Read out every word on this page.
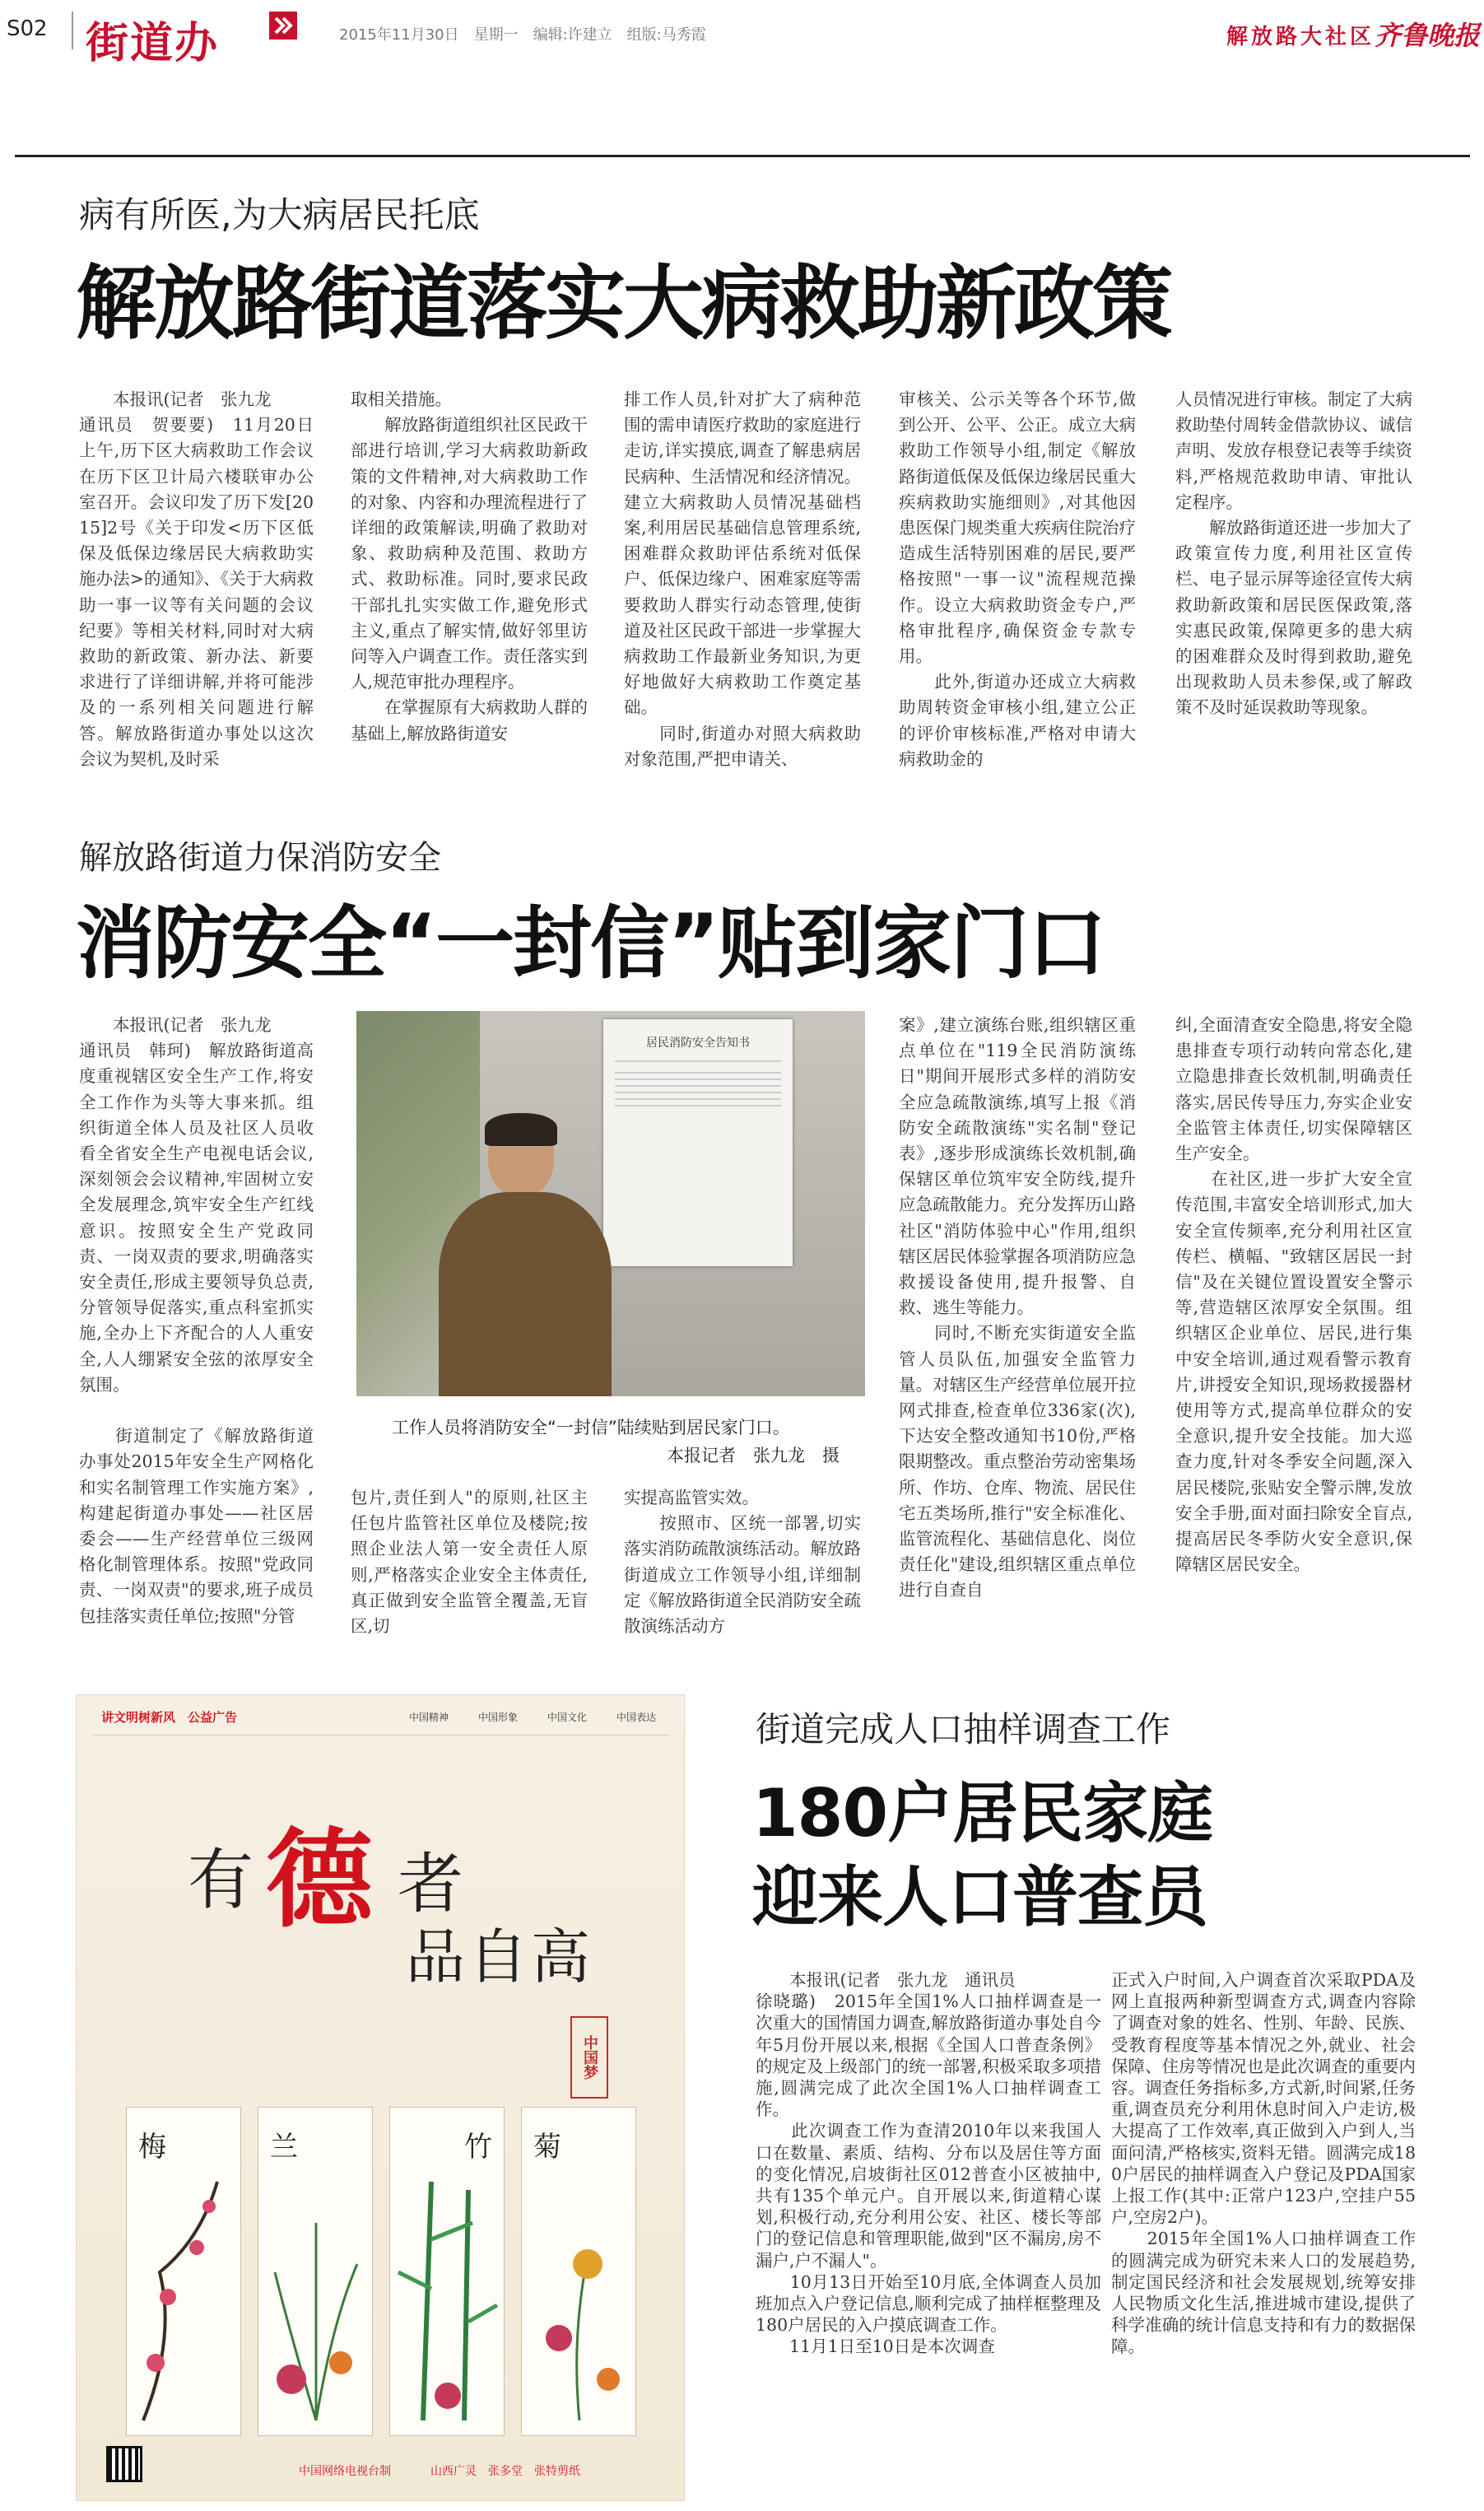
S02 街道办	2015年11月30日　星期一　编辑:许建立　组版:马秀霞	解放路大社区 齐鲁晚报
病有所医,为大病居民托底
解放路街道落实大病救助新政策
　　本报讯(记者　张九龙
通讯员　贺要要)　11月20日上午,历下区大病救助工作会议在历下区卫计局六楼联审办公室召开。会议印发了历下发[2015]2号《关于印发<历下区低保及低保边缘居民大病救助实施办法>的通知》、《关于大病救助一事一议等有关问题的会议纪要》等相关材料,同时对大病救助的新政策、新办法、新要求进行了详细讲解,并将可能涉及的一系列相关问题进行解答。解放路街道办事处以这次会议为契机,及时采
取相关措施。
　　解放路街道组织社区民政干部进行培训,学习大病救助新政策的文件精神,对大病救助工作的对象、内容和办理流程进行了详细的政策解读,明确了救助对象、救助病种及范围、救助方式、救助标准。同时,要求民政干部扎扎实实做工作,避免形式主义,重点了解实情,做好邻里访问等入户调查工作。责任落实到人,规范审批办理程序。
　　在掌握原有大病救助人群的基础上,解放路街道安
排工作人员,针对扩大了病种范围的需申请医疗救助的家庭进行走访,详实摸底,调查了解患病居民病种、生活情况和经济情况。建立大病救助人员情况基础档案,利用居民基础信息管理系统,困难群众救助评估系统对低保户、低保边缘户、困难家庭等需要救助人群实行动态管理,使街道及社区民政干部进一步掌握大病救助工作最新业务知识,为更好地做好大病救助工作奠定基础。
　　同时,街道办对照大病救助对象范围,严把申请关、
审核关、公示关等各个环节,做到公开、公平、公正。成立大病救助工作领导小组,制定《解放路街道低保及低保边缘居民重大疾病救助实施细则》,对其他因患医保门规类重大疾病住院治疗造成生活特别困难的居民,要严格按照"一事一议"流程规范操作。设立大病救助资金专户,严格审批程序,确保资金专款专用。
　　此外,街道办还成立大病救助周转资金审核小组,建立公正的评价审核标准,严格对申请大病救助金的
人员情况进行审核。制定了大病救助垫付周转金借款协议、诚信声明、发放存根登记表等手续资料,严格规范救助申请、审批认定程序。
　　解放路街道还进一步加大了政策宣传力度,利用社区宣传栏、电子显示屏等途径宣传大病救助新政策和居民医保政策,落实惠民政策,保障更多的患大病的困难群众及时得到救助,避免出现救助人员未参保,或了解政策不及时延误救助等现象。
解放路街道力保消防安全
消防安全“一封信”贴到家门口
　　本报讯(记者　张九龙
通讯员　韩珂)　解放路街道高度重视辖区安全生产工作,将安全工作作为头等大事来抓。组织街道全体人员及社区人员收看全省安全生产电视电话会议,深刻领会会议精神,牢固树立安全发展理念,筑牢安全生产红线意识。按照安全生产党政同责、一岗双责的要求,明确落实安全责任,形成主要领导负总责,分管领导促落实,重点科室抓实施,全办上下齐配合的人人重安全,人人绷紧安全弦的浓厚安全氛围。

　　街道制定了《解放路街道办事处2015年安全生产网格化和实名制管理工作实施方案》,构建起街道办事处——社区居委会——生产经营单位三级网格化制管理体系。按照"党政同责、一岗双责"的要求,班子成员包挂落实责任单位;按照"分管
居民消防安全告知书
工作人员将消防安全“一封信”陆续贴到居民家门口。
本报记者　张九龙　摄
包片,责任到人"的原则,社区主任包片监管社区单位及楼院;按照企业法人第一安全责任人原则,严格落实企业安全主体责任,真正做到安全监管全覆盖,无盲区,切
实提高监管实效。
　　按照市、区统一部署,切实落实消防疏散演练活动。解放路街道成立工作领导小组,详细制定《解放路街道全民消防安全疏散演练活动方
案》,建立演练台账,组织辖区重点单位在"119全民消防演练日"期间开展形式多样的消防安全应急疏散演练,填写上报《消防安全疏散演练"实名制"登记表》,逐步形成演练长效机制,确保辖区单位筑牢安全防线,提升应急疏散能力。充分发挥历山路社区"消防体验中心"作用,组织辖区居民体验掌握各项消防应急救援设备使用,提升报警、自救、逃生等能力。
　　同时,不断充实街道安全监管人员队伍,加强安全监管力量。对辖区生产经营单位展开拉网式排查,检查单位336家(次),下达安全整改通知书10份,严格限期整改。重点整治劳动密集场所、作坊、仓库、物流、居民住宅五类场所,推行"安全标准化、监管流程化、基础信息化、岗位责任化"建设,组织辖区重点单位进行自查自
纠,全面清查安全隐患,将安全隐患排查专项行动转向常态化,建立隐患排查长效机制,明确责任落实,居民传导压力,夯实企业安全监管主体责任,切实保障辖区生产安全。
　　在社区,进一步扩大安全宣传范围,丰富安全培训形式,加大安全宣传频率,充分利用社区宣传栏、横幅、"致辖区居民一封信"及在关键位置设置安全警示等,营造辖区浓厚安全氛围。组织辖区企业单位、居民,进行集中安全培训,通过观看警示教育片,讲授安全知识,现场救援器材使用等方式,提高单位群众的安全意识,提升安全技能。加大巡查力度,针对冬季安全问题,深入居民楼院,张贴安全警示牌,发放安全手册,面对面扫除安全盲点,提高居民冬季防火安全意识,保障辖区居民安全。
讲文明树新风　公益广告	中国精神	中国形象	中国文化	中国表达
有 德 者
品自高
中国梦
梅	兰	竹 菊
中国网络电视台制	山西广灵　张多堂　张特剪纸
街道完成人口抽样调查工作
180户居民家庭
迎来人口普查员
　　本报讯(记者　张九龙　通讯员
徐晓璐)　2015年全国1%人口抽样调查是一次重大的国情国力调查,解放路街道办事处自今年5月份开展以来,根据《全国人口普查条例》的规定及上级部门的统一部署,积极采取多项措施,圆满完成了此次全国1%人口抽样调查工作。
　　此次调查工作为查清2010年以来我国人口在数量、素质、结构、分布以及居住等方面的变化情况,启坡街社区012普查小区被抽中,共有135个单元户。自开展以来,街道精心谋划,积极行动,充分利用公安、社区、楼长等部门的登记信息和管理职能,做到"区不漏房,房不漏户,户不漏人"。
　　10月13日开始至10月底,全体调查人员加班加点入户登记信息,顺利完成了抽样框整理及180户居民的入户摸底调查工作。
　　11月1日至10日是本次调查
正式入户时间,入户调查首次采取PDA及网上直报两种新型调查方式,调查内容除了调查对象的姓名、性别、年龄、民族、受教育程度等基本情况之外,就业、社会保障、住房等情况也是此次调查的重要内容。调查任务指标多,方式新,时间紧,任务重,调查员充分利用休息时间入户走访,极大提高了工作效率,真正做到入户到人,当面问清,严格核实,资料无错。圆满完成180户居民的抽样调查入户登记及PDA国家上报工作(其中:正常户123户,空挂户55户,空房2户)。
　　2015年全国1%人口抽样调查工作的圆满完成为研究未来人口的发展趋势,制定国民经济和社会发展规划,统筹安排人民物质文化生活,推进城市建设,提供了科学准确的统计信息支持和有力的数据保障。
